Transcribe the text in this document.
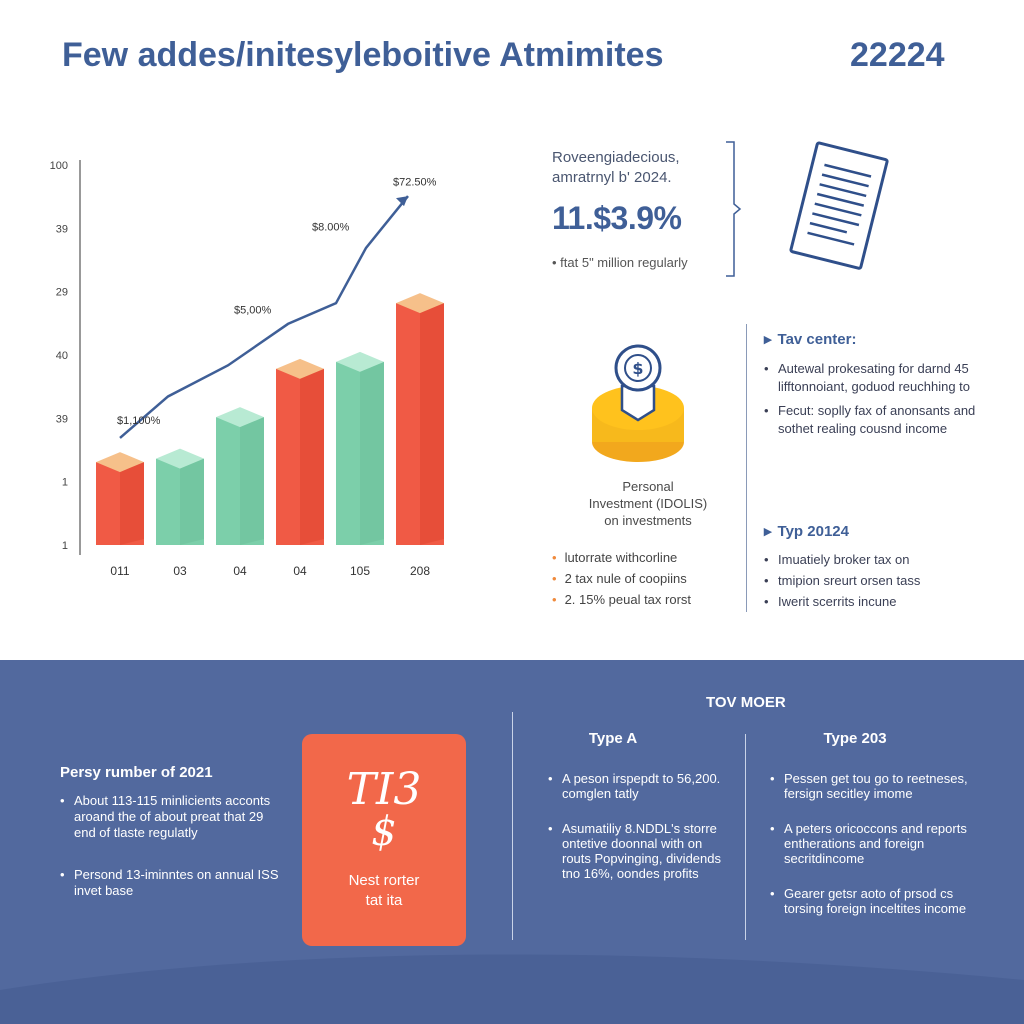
Few addes/initesyleboitive Atmimites	22224
100
39
29
40
39
1
1
011	03	04	04	105	208
$1,100%
$5,00%
$8.00%
$72.50%
Roveengiadecious,
amratrnyl b' 2024.
11.$3.9%
• ftat 5" million regularly
$
Personal
Investment (IDOLIS)
on investments
• lutorrate withcorline
• 2 tax nule of coopiins
• 2. 15% peual tax rorst
▸ Tav center:
• Autewal prokesating for darnd 45 lifftonnoiant, goduod reuchhing to
• Fecut: soplly fax of anonsants and sothet realing cousnd income
▸ Typ 20124
• Imuatiely broker tax on
• tmipion sreurt orsen tass
• Iwerit scerrits incune
Persy rumber of 2021
• About 113-115 minlicients acconts aroand the of about preat that 29 end of tlaste regulatly
• Persond 13-iminntes on annual ISS invet base
TI3
$
Nest rorter
tat ita
TOV MOER
Type A
• A peson irspepdt to 56,200. comglen tatly
• Asumatiliy 8.NDDL's storre ontetive doonnal with on routs Popvinging, dividends tno 16%, oondes profits
Type 203
• Pessen get tou go to reetneses, fersign secitley imome
• A peters oricoccons and reports entherations and foreign secritdincome
• Gearer getsr aoto of prsod cs torsing foreign inceltites income
